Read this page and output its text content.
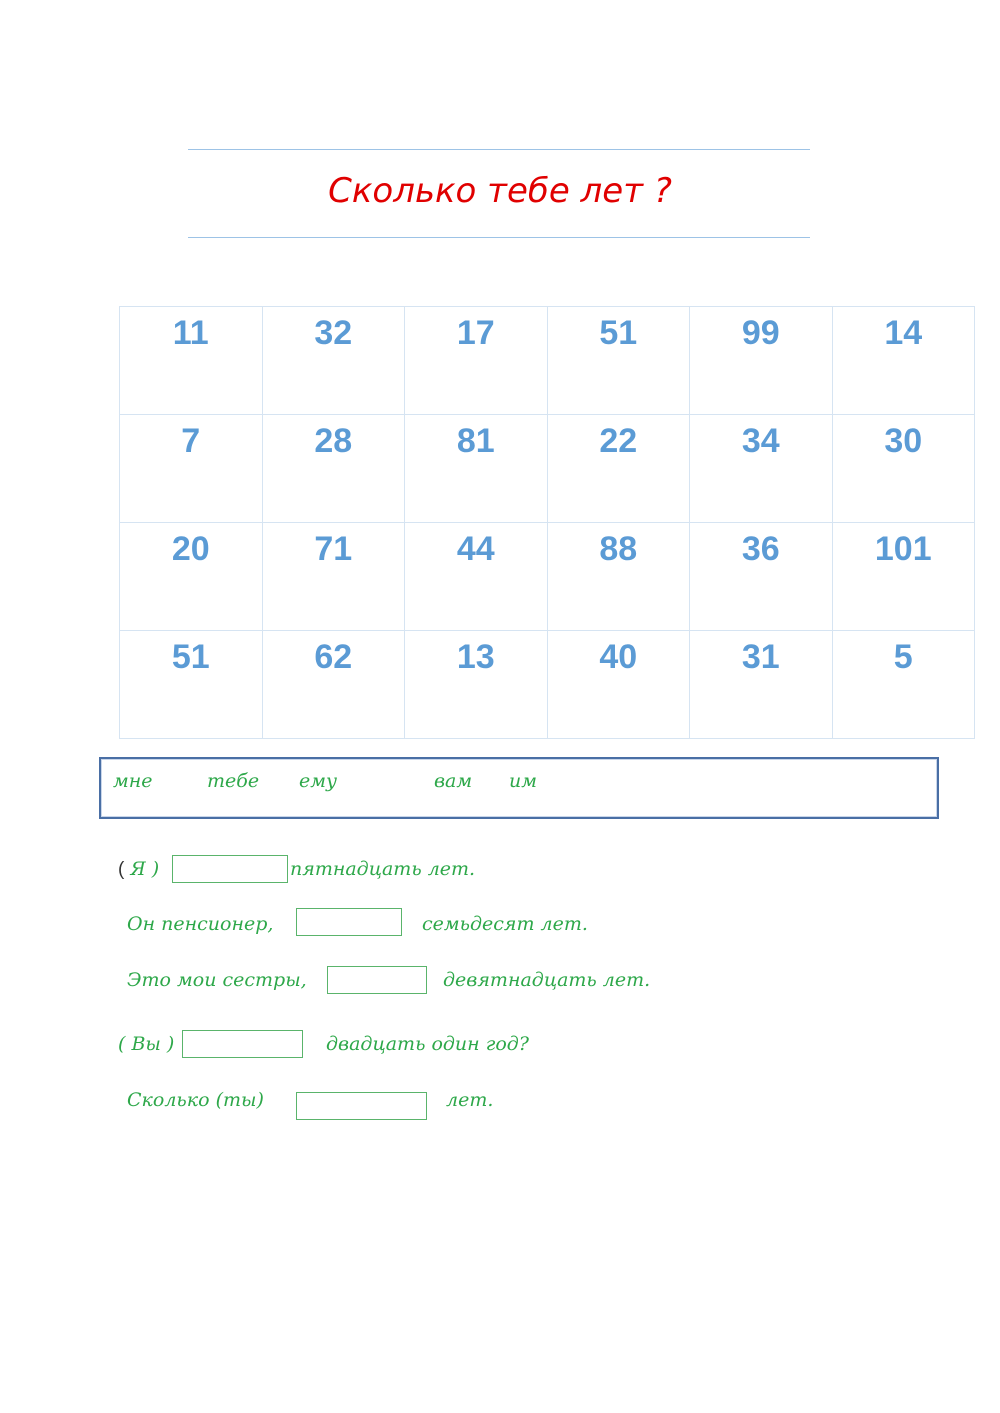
Сколько тебе лет ?
11	32	17	51	99	14
7	28	81	22	34	30
20	71	44	88	36	101
51	62	13	40	31	5
мне	тебе ему	вам им
( Я )	пятнадцать лет.
Он пенсионер,	семьдесят лет.
Это мои сестры,	девятнадцать лет.
( Вы )	двадцать один год?
Сколько (ты)	лет.
